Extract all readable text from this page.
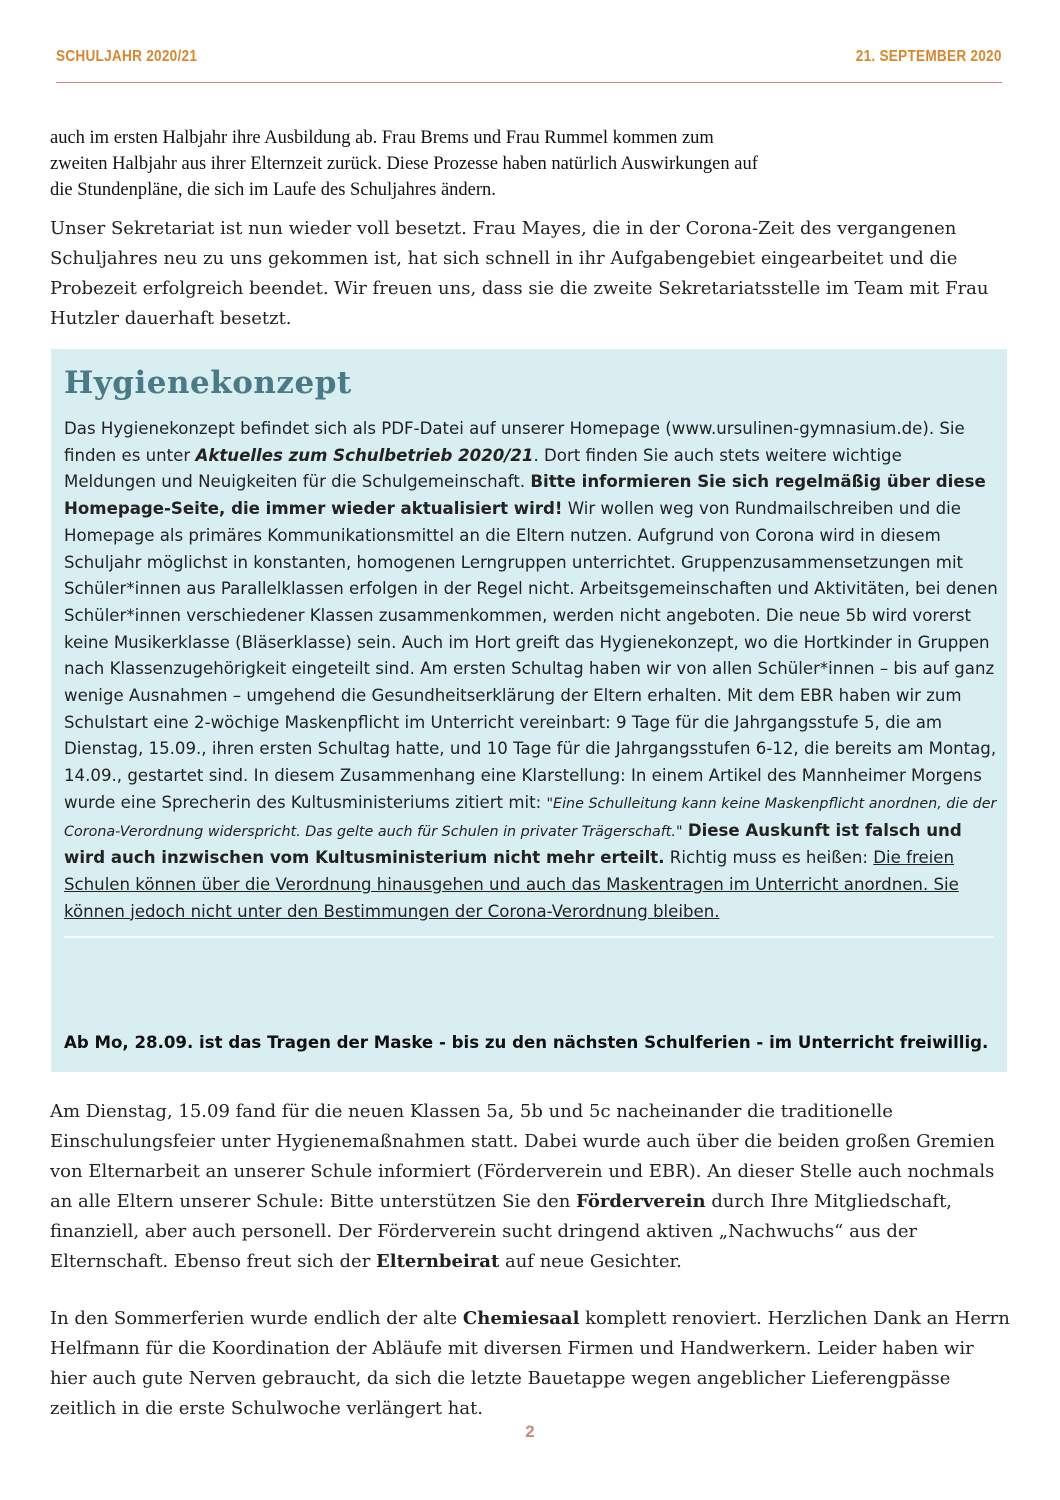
SCHULJAHR 2020/21	21. SEPTEMBER 2020

auch im ersten Halbjahr ihre Ausbildung ab. Frau Brems und Frau Rummel kommen zum
zweiten Halbjahr aus ihrer Elternzeit zurück. Diese Prozesse haben natürlich Auswirkungen auf
die Stundenpläne, die sich im Laufe des Schuljahres ändern.

Unser Sekretariat ist nun wieder voll besetzt. Frau Mayes, die in der Corona-Zeit des vergangenen Schuljahres neu zu uns gekommen ist, hat sich schnell in ihr Aufgabengebiet eingearbeitet und die Probezeit erfolgreich beendet. Wir freuen uns, dass sie die zweite Sekretariatsstelle im Team mit Frau Hutzler dauerhaft besetzt.

Hygienekonzept

Das Hygienekonzept befindet sich als PDF-Datei auf unserer Homepage (www.ursulinen-gymnasium.de). Sie finden es unter Aktuelles zum Schulbetrieb 2020/21. Dort finden Sie auch stets weitere wichtige Meldungen und Neuigkeiten für die Schulgemeinschaft. Bitte informieren Sie sich regelmäßig über diese Homepage-Seite, die immer wieder aktualisiert wird! Wir wollen weg von Rundmailschreiben und die Homepage als primäres Kommunikationsmittel an die Eltern nutzen. Aufgrund von Corona wird in diesem Schuljahr möglichst in konstanten, homogenen Lerngruppen unterrichtet. Gruppenzusammensetzungen mit Schüler*innen aus Parallelklassen erfolgen in der Regel nicht. Arbeitsgemeinschaften und Aktivitäten, bei denen Schüler*innen verschiedener Klassen zusammenkommen, werden nicht angeboten. Die neue 5b wird vorerst keine Musikerklasse (Bläserklasse) sein. Auch im Hort greift das Hygienekonzept, wo die Hortkinder in Gruppen nach Klassenzugehörigkeit eingeteilt sind. Am ersten Schultag haben wir von allen Schüler*innen – bis auf ganz wenige Ausnahmen – umgehend die Gesundheitserklärung der Eltern erhalten. Mit dem EBR haben wir zum Schulstart eine 2-wöchige Maskenpflicht im Unterricht vereinbart: 9 Tage für die Jahrgangsstufe 5, die am Dienstag, 15.09., ihren ersten Schultag hatte, und 10 Tage für die Jahrgangsstufen 6-12, die bereits am Montag, 14.09., gestartet sind. In diesem Zusammenhang eine Klarstellung: In einem Artikel des Mannheimer Morgens wurde eine Sprecherin des Kultusministeriums zitiert mit: "Eine Schulleitung kann keine Maskenpflicht anordnen, die der Corona-Verordnung widerspricht. Das gelte auch für Schulen in privater Trägerschaft." Diese Auskunft ist falsch und wird auch inzwischen vom Kultusministerium nicht mehr erteilt. Richtig muss es heißen: Die freien Schulen können über die Verordnung hinausgehen und auch das Maskentragen im Unterricht anordnen. Sie können jedoch nicht unter den Bestimmungen der Corona-Verordnung bleiben.

Ab Mo, 28.09. ist das Tragen der Maske - bis zu den nächsten Schulferien - im Unterricht freiwillig.

Am Dienstag, 15.09 fand für die neuen Klassen 5a, 5b und 5c nacheinander die traditionelle Einschulungsfeier unter Hygienemaßnahmen statt. Dabei wurde auch über die beiden großen Gremien von Elternarbeit an unserer Schule informiert (Förderverein und EBR). An dieser Stelle auch nochmals an alle Eltern unserer Schule: Bitte unterstützen Sie den Förderverein durch Ihre Mitgliedschaft, finanziell, aber auch personell. Der Förderverein sucht dringend aktiven „Nachwuchs“ aus der Elternschaft. Ebenso freut sich der Elternbeirat auf neue Gesichter.

In den Sommerferien wurde endlich der alte Chemiesaal komplett renoviert. Herzlichen Dank an Herrn Helfmann für die Koordination der Abläufe mit diversen Firmen und Handwerkern. Leider haben wir hier auch gute Nerven gebraucht, da sich die letzte Bauetappe wegen angeblicher Lieferengpässe zeitlich in die erste Schulwoche verlängert hat.

2
